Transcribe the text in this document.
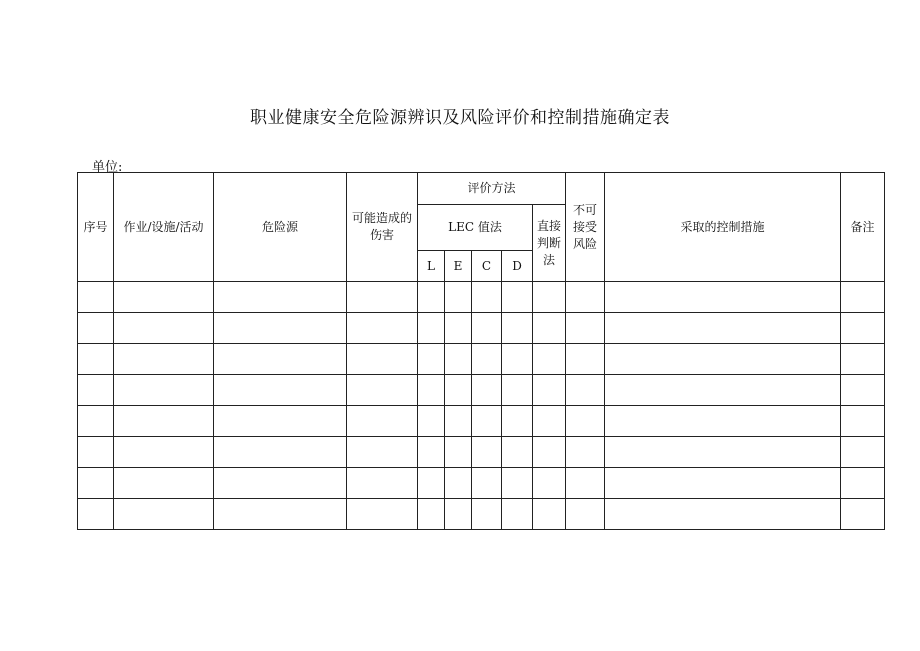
职业健康安全危险源辨识及风险评价和控制措施确定表
单位:
序号	作业/设施/活动	危险源	可能造成的伤害	评价方法					不可接受风险	采取的控制措施	备注
				LEC 值法				直接判断法			
				L	E	C	D				
